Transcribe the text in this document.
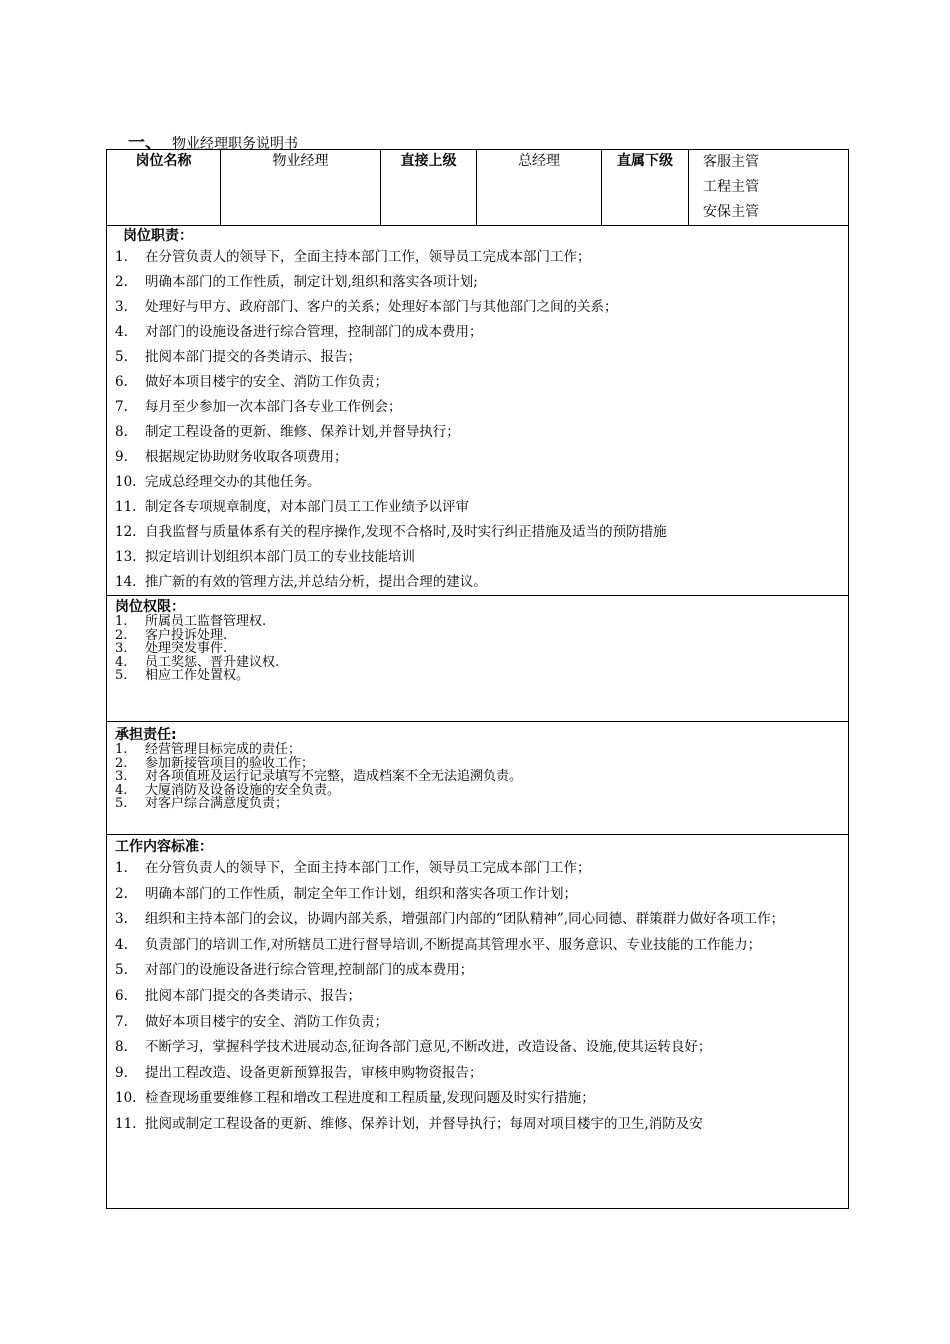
一、 物业经理职务说明书
岗位名称	物业经理	直接上级	总经理	直属下级	客服主管
工程主管
安保主管

岗位职责：
1.	在分管负责人的领导下，全面主持本部门工作，领导员工完成本部门工作；
2.	明确本部门的工作性质，制定计划,组织和落实各项计划;
3.	处理好与甲方、政府部门、客户的关系；处理好本部门与其他部门之间的关系；
4.	对部门的设施设备进行综合管理，控制部门的成本费用；
5.	批阅本部门提交的各类请示、报告；
6.	做好本项目楼宇的安全、消防工作负责；
7.	每月至少参加一次本部门各专业工作例会；
8.	制定工程设备的更新、维修、保养计划,并督导执行；
9.	根据规定协助财务收取各项费用；
10. 完成总经理交办的其他任务。
11. 制定各专项规章制度，对本部门员工工作业绩予以评审
12. 自我监督与质量体系有关的程序操作,发现不合格时,及时实行纠正措施及适当的预防措施
13. 拟定培训计划组织本部门员工的专业技能培训
14. 推广新的有效的管理方法,并总结分析，提出合理的建议。

岗位权限：
1.	所属员工监督管理权.
2.	客户投诉处理.
3.	处理突发事件.
4.	员工奖惩、晋升建议权.
5.	相应工作处置权。

承担责任:
1.	经营管理目标完成的责任；
2.	参加新接管项目的验收工作；
3.	对各项值班及运行记录填写不完整，造成档案不全无法追溯负责。
4.	大厦消防及设备设施的安全负责。
5.	对客户综合满意度负责；

工作内容标准：
1.	在分管负责人的领导下，全面主持本部门工作，领导员工完成本部门工作；
2.	明确本部门的工作性质，制定全年工作计划，组织和落实各项工作计划；
3.	组织和主持本部门的会议，协调内部关系，增强部门内部的“团队精神”,同心同德、群策群力做好各项工作；
4.	负责部门的培训工作,对所辖员工进行督导培训,不断提高其管理水平、服务意识、专业技能的工作能力；
5.	对部门的设施设备进行综合管理,控制部门的成本费用；
6.	批阅本部门提交的各类请示、报告；
7.	做好本项目楼宇的安全、消防工作负责；
8.	不断学习，掌握科学技术进展动态,征询各部门意见,不断改进，改造设备、设施,使其运转良好；
9.	提出工程改造、设备更新预算报告，审核申购物资报告；
10. 检查现场重要维修工程和增改工程进度和工程质量,发现问题及时实行措施；
11. 批阅或制定工程设备的更新、维修、保养计划，并督导执行；每周对项目楼宇的卫生,消防及安
